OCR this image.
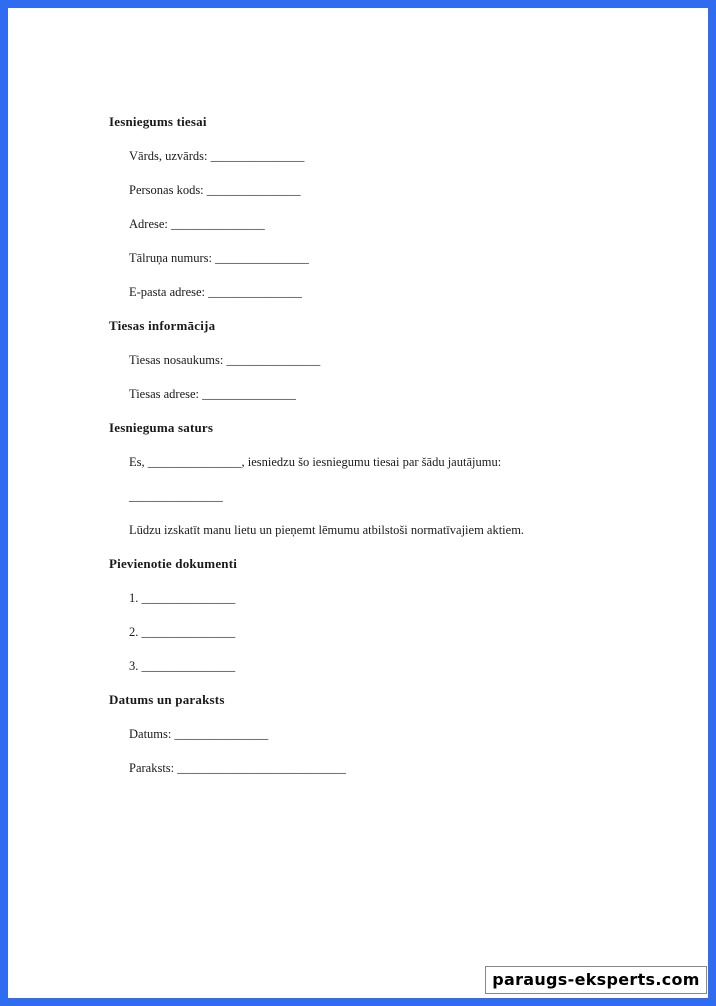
Iesniegums tiesai

Vārds, uzvārds: _______________

Personas kods: _______________

Adrese: _______________

Tālruņa numurs: _______________

E-pasta adrese: _______________

Tiesas informācija

Tiesas nosaukums: _______________

Tiesas adrese: _______________

Iesnieguma saturs

Es, _______________, iesniedzu šo iesniegumu tiesai par šādu jautājumu:

_______________

Lūdzu izskatīt manu lietu un pieņemt lēmumu atbilstoši normatīvajiem aktiem.

Pievienotie dokumenti

1. _______________

2. _______________

3. _______________

Datums un paraksts

Datums: _______________

Paraksts: ___________________________

paraugs-eksperts.com
